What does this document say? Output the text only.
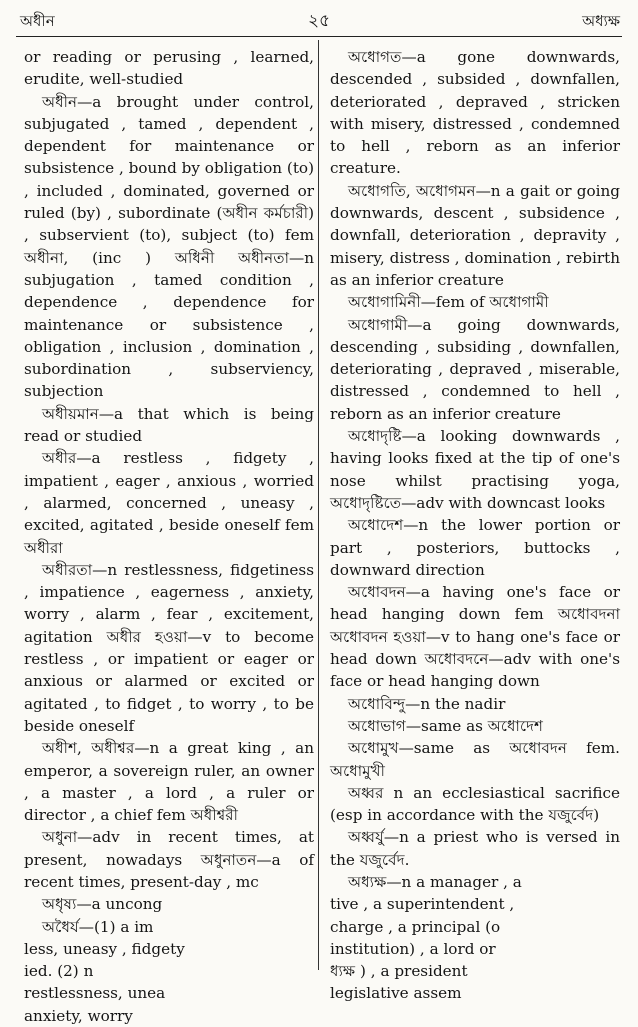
অধীন	২৫	অধ্যক্ষ

or reading or perusing , learned, erudite, well-studied

অধীন—a brought under control, subjugated , tamed , dependent , dependent for maintenance or subsistence , bound by obligation (to) , included , dominated, governed or ruled (by) , subordinate (অধীন কর্মচারী) , subservient (to), subject (to) fem অধীনা, (inc ) অধিনী অধীনতা—n subjugation , tamed condition , dependence , dependence for maintenance or subsistence , obligation , inclusion , domination , subordination , subserviency, subjection

অধীয়মান—a that which is being read or studied

অধীর—a restless , fidgety , impatient , eager , anxious , worried , alarmed, concerned , uneasy , excited, agitated , beside oneself fem অধীরা

অধীরতা—n restlessness, fidgetiness , impatience , eagerness , anxiety, worry , alarm , fear , excitement, agitation অধীর হওয়া—v to become restless , or impatient or eager or anxious or alarmed or excited or agitated , to fidget , to worry , to be beside oneself

অধীশ, অধীশ্বর—n a great king , an emperor, a sovereign ruler, an owner , a master , a lord , a ruler or director , a chief fem অধীশ্বরী

অধুনা—adv in recent times, at present, nowadays অধুনাতন—a of recent times, present-day , mc

অধৃষ্য—a uncong

অধৈর্য—(1) a im

less, uneasy , fidgety

ied. (2) n

restlessness, unea

anxiety, worry

অধোগত—a gone downwards, descended , subsided , downfallen, deteriorated , depraved , stricken with misery, distressed , condemned to hell , reborn as an inferior creature.

অধোগতি, অধোগমন—n a gait or going downwards, descent , subsidence , downfall, deterioration , depravity , misery, distress , domination , rebirth as an inferior creature

অধোগামিনী—fem of অধোগামী

অধোগামী—a going downwards, descending , subsiding , downfallen, deteriorating , depraved , miserable, distressed , condemned to hell , reborn as an inferior creature

অধোদৃষ্টি—a looking downwards , having looks fixed at the tip of one's nose whilst practising yoga, অধোদৃষ্টিতে—adv with downcast looks

অধোদেশ—n the lower portion or part , posteriors, buttocks , downward direction

অধোবদন—a having one's face or head hanging down fem অধোবদনা অধোবদন হওয়া—v to hang one's face or head down অধোবদনে—adv with one's face or head hanging down

অধোবিন্দু—n the nadir

অধোভাগ—same as অধোদেশ

অধোমুখ—same as অধোবদন fem. অধোমুখী

অধ্বর n an ecclesiastical sacrifice (esp in accordance with the যজুর্বেদ)

অধ্বর্যু—n a priest who is versed in the যজুর্বেদ.

অধ্যক্ষ—n a manager , a

tive , a superintendent ,

charge , a principal (o

institution) , a lord or

ধ্যক্ষ ) , a president

legislative assem
